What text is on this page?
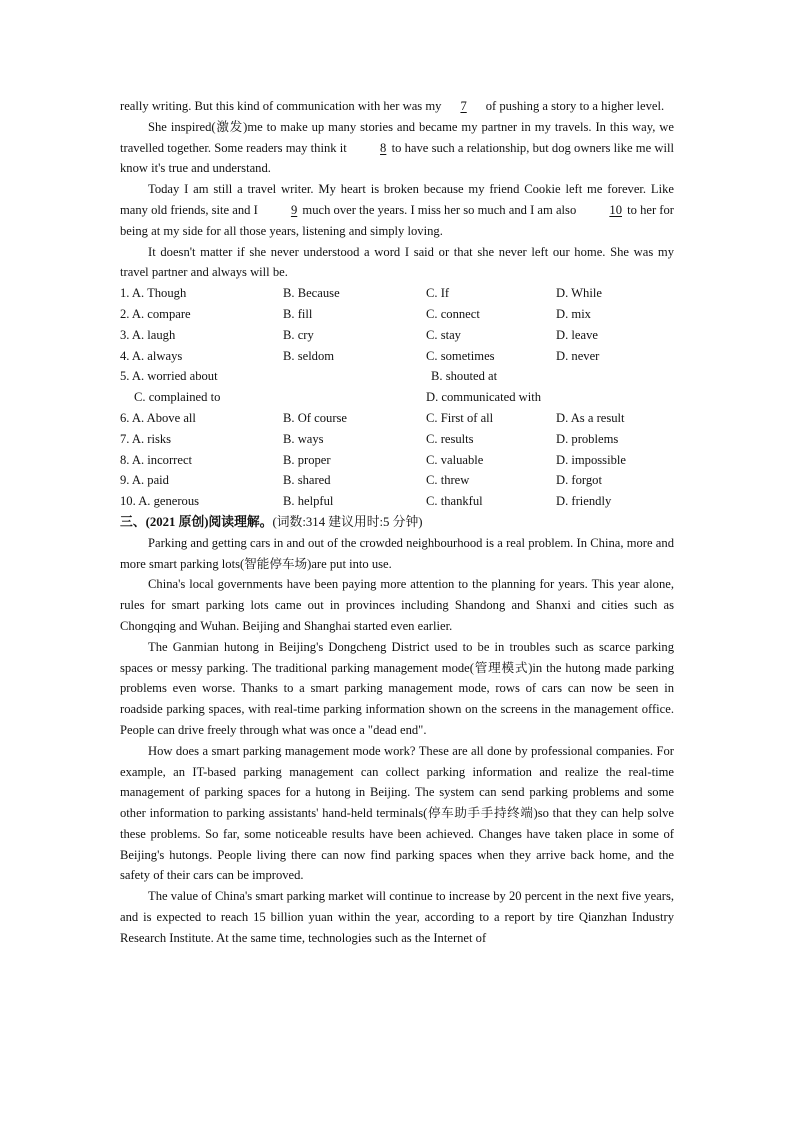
really writing. But this kind of communication with her was my 7 of pushing a story to a higher level.

She inspired(激发)me to make up many stories and became my partner in my travels. In this way, we travelled together. Some readers may think it 8 to have such a relationship, but dog owners like me will know it's true and understand.

Today I am still a travel writer. My heart is broken because my friend Cookie left me forever. Like many old friends, site and I 9 much over the years. I miss her so much and I am also 10 to her for being at my side for all those years, listening and simply loving.

It doesn't matter if she never understood a word I said or that she never left our home. She was my travel partner and always will be.

1. A. Though	B. Because	C. If	D. While
2. A. compare	B. fill	C. connect	D. mix
3. A. laugh	B. cry	C. stay	D. leave
4. A. always	B. seldom	C. sometimes	D. never
5. A. worried about	B. shouted at
C. complained to	D. communicated with
6. A. Above all	B. Of course	C. First of all	D. As a result
7. A. risks	B. ways	C. results	D. problems
8. A. incorrect	B. proper	C. valuable	D. impossible
9. A. paid	B. shared	C. threw	D. forgot
10. A. generous	B. helpful	C. thankful	D. friendly

三、(2021 原创)阅读理解。(词数:314 建议用时:5 分钟)

Parking and getting cars in and out of the crowded neighbourhood is a real problem. In China, more and more smart parking lots(智能停车场)are put into use.

China's local governments have been paying more attention to the planning for years. This year alone, rules for smart parking lots came out in provinces including Shandong and Shanxi and cities such as Chongqing and Wuhan. Beijing and Shanghai started even earlier.

The Ganmian hutong in Beijing's Dongcheng District used to be in troubles such as scarce parking spaces or messy parking. The traditional parking management mode(管理模式)in the hutong made parking problems even worse. Thanks to a smart parking management mode, rows of cars can now be seen in roadside parking spaces, with real-time parking information shown on the screens in the management office. People can drive freely through what was once a "dead end".

How does a smart parking management mode work? These are all done by professional companies. For example, an IT-based parking management can collect parking information and realize the real-time management of parking spaces for a hutong in Beijing. The system can send parking problems and some other information to parking assistants' hand-held terminals(停车助手手持终端)so that they can help solve these problems. So far, some noticeable results have been achieved. Changes have taken place in some of Beijing's hutongs. People living there can now find parking spaces when they arrive back home, and the safety of their cars can be improved.

The value of China's smart parking market will continue to increase by 20 percent in the next five years, and is expected to reach 15 billion yuan within the year, according to a report by tire Qianzhan Industry Research Institute. At the same time, technologies such as the Internet of
